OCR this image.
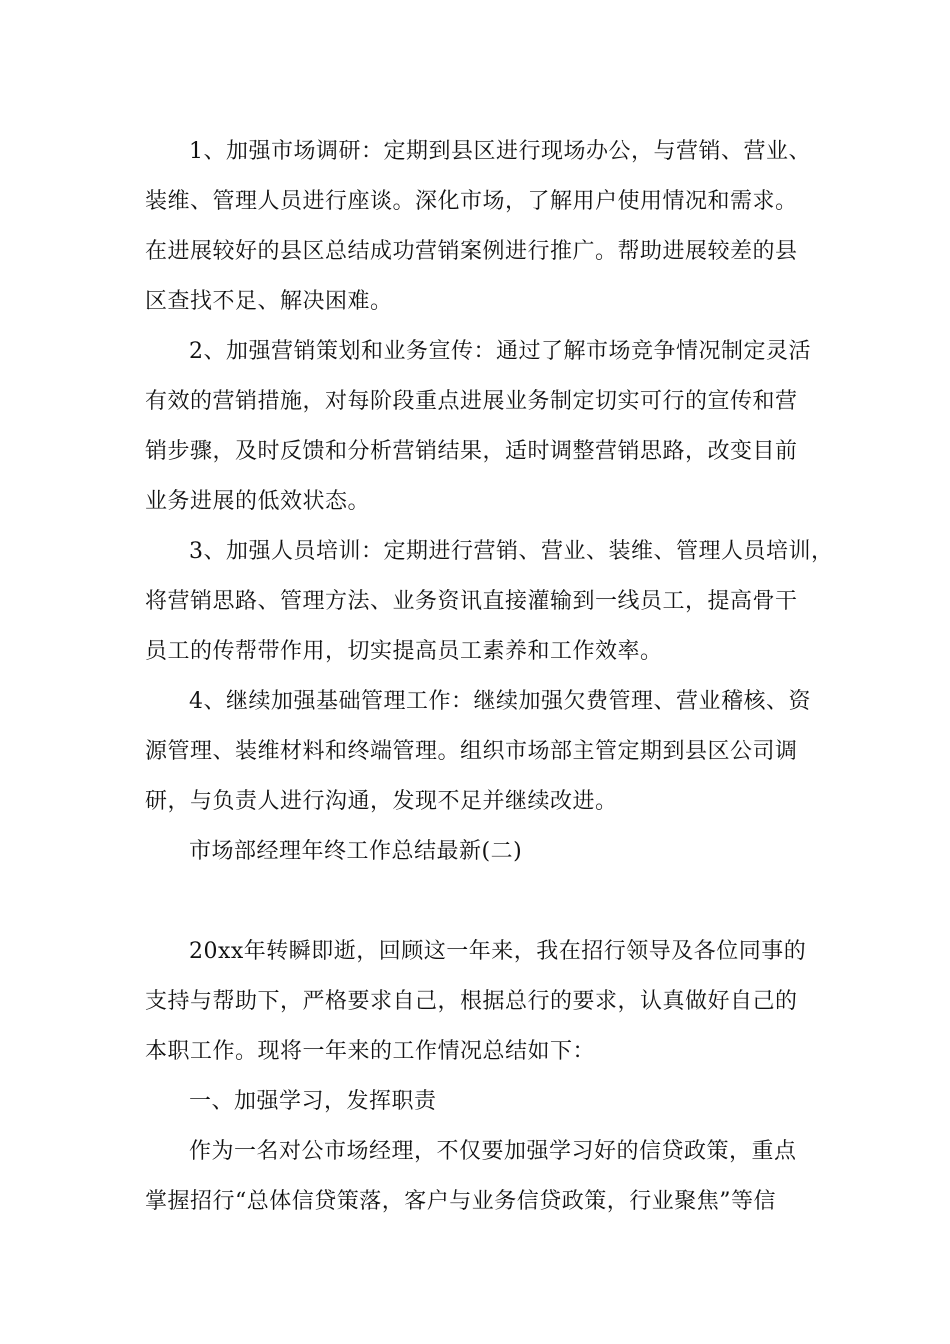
1、加强市场调研：定期到县区进行现场办公，与营销、营业、
装维、管理人员进行座谈。深化市场，了解用户使用情况和需求。
在进展较好的县区总结成功营销案例进行推广。帮助进展较差的县
区查找不足、解决困难。
2、加强营销策划和业务宣传：通过了解市场竞争情况制定灵活
有效的营销措施，对每阶段重点进展业务制定切实可行的宣传和营
销步骤，及时反馈和分析营销结果，适时调整营销思路，改变目前
业务进展的低效状态。
3、加强人员培训：定期进行营销、营业、装维、管理人员培训，
将营销思路、管理方法、业务资讯直接灌输到一线员工，提高骨干
员工的传帮带作用，切实提高员工素养和工作效率。
4、继续加强基础管理工作：继续加强欠费管理、营业稽核、资
源管理、装维材料和终端管理。组织市场部主管定期到县区公司调
研，与负责人进行沟通，发现不足并继续改进。
市场部经理年终工作总结最新(二)
20xx年转瞬即逝，回顾这一年来，我在招行领导及各位同事的
支持与帮助下，严格要求自己，根据总行的要求，认真做好自己的
本职工作。现将一年来的工作情况总结如下：
一、加强学习，发挥职责
作为一名对公市场经理，不仅要加强学习好的信贷政策，重点
掌握招行“总体信贷策落，客户与业务信贷政策，行业聚焦”等信
